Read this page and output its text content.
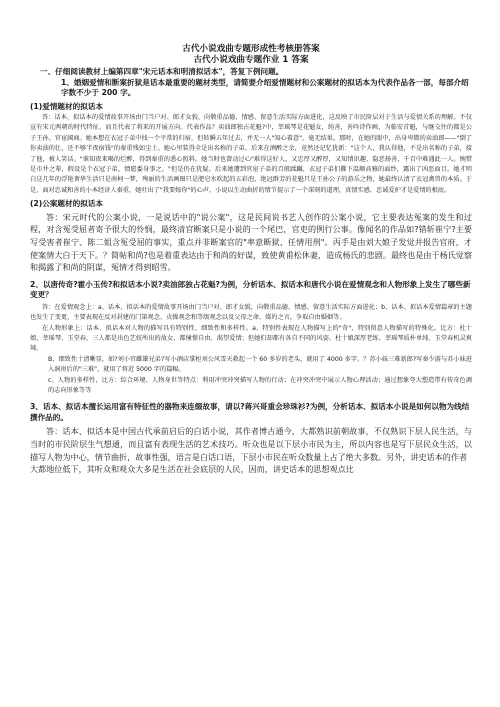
古代小说戏曲专题形成性考核册答案

古代小说戏曲专题作业 1 答案

一、仔细阅读教材上编第四章"宋元话本和明清拟话本"，答复下例问题。

1、婚姻爱情和断案折狱是话本最重要的题材类型，请简要介绍爱情题材和公案题材的拟话本为代表作品各一部，每部介绍字数不少于 200 字。

(1)爱情题材的拟话本

答：话本、拟话本的爱情故事开场由门当户对、郎才女貌、向敬重品德、情感、留意生活实际方面进化，这反映了市民阶层对于生活与爱情关系的理解。不仅宣有宋元两朝的时代特征，而且代表了将来的开展方向。代表作品？卖油郎独占花魁?中，莘瑶琴是花魁女，纯善，善吟诗作画，为临安首魁，与继交往的都是公子王孙、官宦阔商。她本想在衣冠子弟中找一个平常的归宿，但转瞬五年过去，并无一人"知心着意"，毫无结果。那时，在她的眼中，出身卑微的卖油郎——"倒了你卖油的壮，还不够半夜宿钱"的秦重残如尘土。她心里装得全是出名称的子弟。后来在酒醉之余，竟然还记忆犹新："这个人，我认得他，不是出名称的子弟，接了他，被人笑话。"谁知夜来喝的烂醉，得到秦重的悉心照料。她当时也曾动过心"难得这好人，又忠厚又醉厚，又知情识趣，隐恶扬善，千百中难遇此一人。惋惜是市井之辈，假设是个衣冠子弟，情愿委身事之。"但是仍在犹疑。后来她遭到官宦子弟的百般蹂躏，衣冠子弟们撕下温顺高雅的面纱，露出了凶恶面目。她才明白这几年的浮艳奢华生活只是南柯一梦，殉丽的生活画图只是肥皂水吹起的五彩泡，绝冠群芳的花魁只是王孙公子的游乐之物，她最终认清了衣冠禽兽的本质。于是，面对忠诚和善的小本经济人秦重，她吐出了"我要嫁你"的心声。小说以生动曲折的情节提示了一个深刻的道理，真情实感、忠诚爱护才是爱情的根底。

(2)公案题材的拟话本

答：宋元时代的公案小说，一是说话中的"说公案"，这是民间说书艺人创作的公案小说，它主要表达冤案的发生和过程，对含冤受屈者寄予很大的怜悯，最终清官断案只是小说的一个尾巴，官吏的例行公事。像闻名的作品如?错斩崔宁?主要写受害者崔宁、陈二姐含冤受屈的事实，重点并非断案官的"率意断狱、任情用刑"。丙手是由刘大娘子发觉并报告官府，才使案情大白于天下。？简帖和尚?也是着重表达由于和尚的好谋，致使黄甫松休妻，造成杨氏的悲剧。最终也是由于杨氏觉察和揭露了和尚的阴谋，冤情才得到昭雪。

2、以唐传奇?霍小玉传?和拟话本小说?卖油郎独占花魁?为例，分析话本、拟话本和唐代小说在爱情观念和人物形象上发生了哪些新变更？

答：在爱情观念上：a、话本、拟话本的爱情故事开场由门当户对、郎才女貌，向敬重品德、情感、留意生活实际方面进化；b、话本、拟话本爱情篇章的主题也发生了变更，主要表现在反对封建的门第观念、贞操观念和等级观念以及父母之命、媒妁之言，争取自由婚姻等。

在人物形象上：话本、拟话本对人物的描写具有特别性、细致性和多样性。a、特别性表现在人物描写上的"奇"，特别留意人物描写的特殊化。比方：杜十娘、莘瑶琴、玉堂春，三人都是出色艺妓所出的故女，都憧憬自由、渴望爱情；但她们却都有各自不同的风姿。杜十娘深厚老练、莘瑶琴质朴单纯、玉堂春机灵爽辣。

B、细致性十清晰显，如?刘小官雌雄兄弟?写小酒店掌柜刘公风雪天救起一个 60 多岁的老头，就用了 4000 多字。？苏小妹三难新郎?写秦少游与苏小妹进入洞房后的"三难"，就用了将近 5000 字的篇幅。

c、人物的多样性，比方：综合环境、人物身世等特点：利用冲突冲突描写人物的行动；在冲突冲突中展示人物心理活动；通过想象夸大塑造带有传奇色调的志向形象等等

3、话本、拟话本擅长运用富有特征性的器物来连缀故事，请以?蒋兴哥重会珍珠衫?为例，分析话本、拟话本小说是如何以物为线结撰作品的。

答：话本、拟话本是中国古代承前启后的白话小说，其作者博古通今，大都熟识前朝故事，不仅熟识下层人民生活，与当时的市民阶层生气想通，而且富有表现生活的艺术技巧。听众也是以下层小市民为主，所以内容也是写下层民众生活，以描写人物为中心，情节曲折，故事性强，语言是白话口语，下层小市民在听众数量上占了绝大多数。另外，讲史话本的作者

大都地位低下，其听众和观众大多是生活在社会底层的人民，因而，讲史话本的思想观点比
